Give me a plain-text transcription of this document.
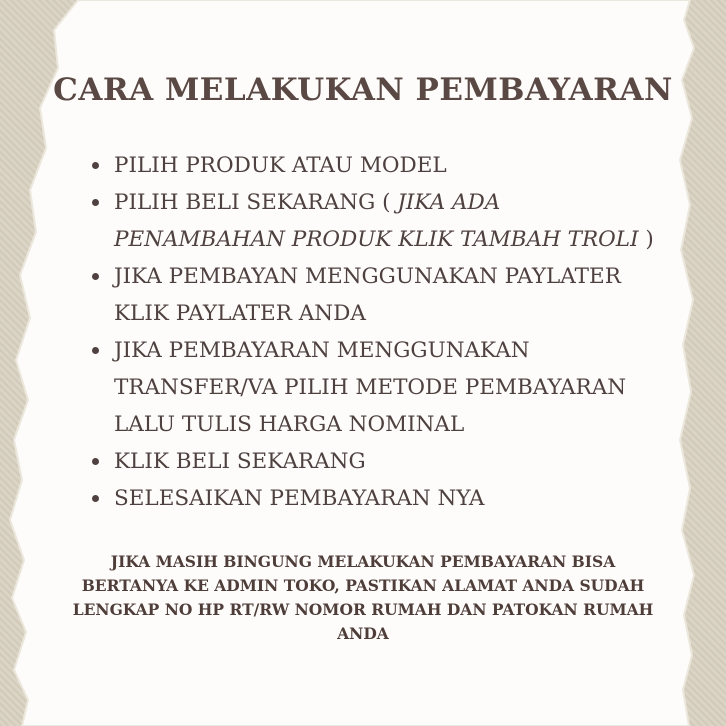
CARA MELAKUKAN PEMBAYARAN
PILIH PRODUK ATAU MODEL
PILIH BELI SEKARANG ( JIKA ADA PENAMBAHAN PRODUK KLIK TAMBAH TROLI )
JIKA PEMBAYAN MENGGUNAKAN PAYLATER KLIK PAYLATER ANDA
JIKA PEMBAYARAN MENGGUNAKAN TRANSFER/VA PILIH METODE PEMBAYARAN LALU TULIS HARGA NOMINAL
KLIK BELI SEKARANG
SELESAIKAN PEMBAYARAN NYA

JIKA MASIH BINGUNG MELAKUKAN PEMBAYARAN BISA BERTANYA KE ADMIN TOKO, PASTIKAN ALAMAT ANDA SUDAH LENGKAP NO HP RT/RW NOMOR RUMAH DAN PATOKAN RUMAH ANDA
